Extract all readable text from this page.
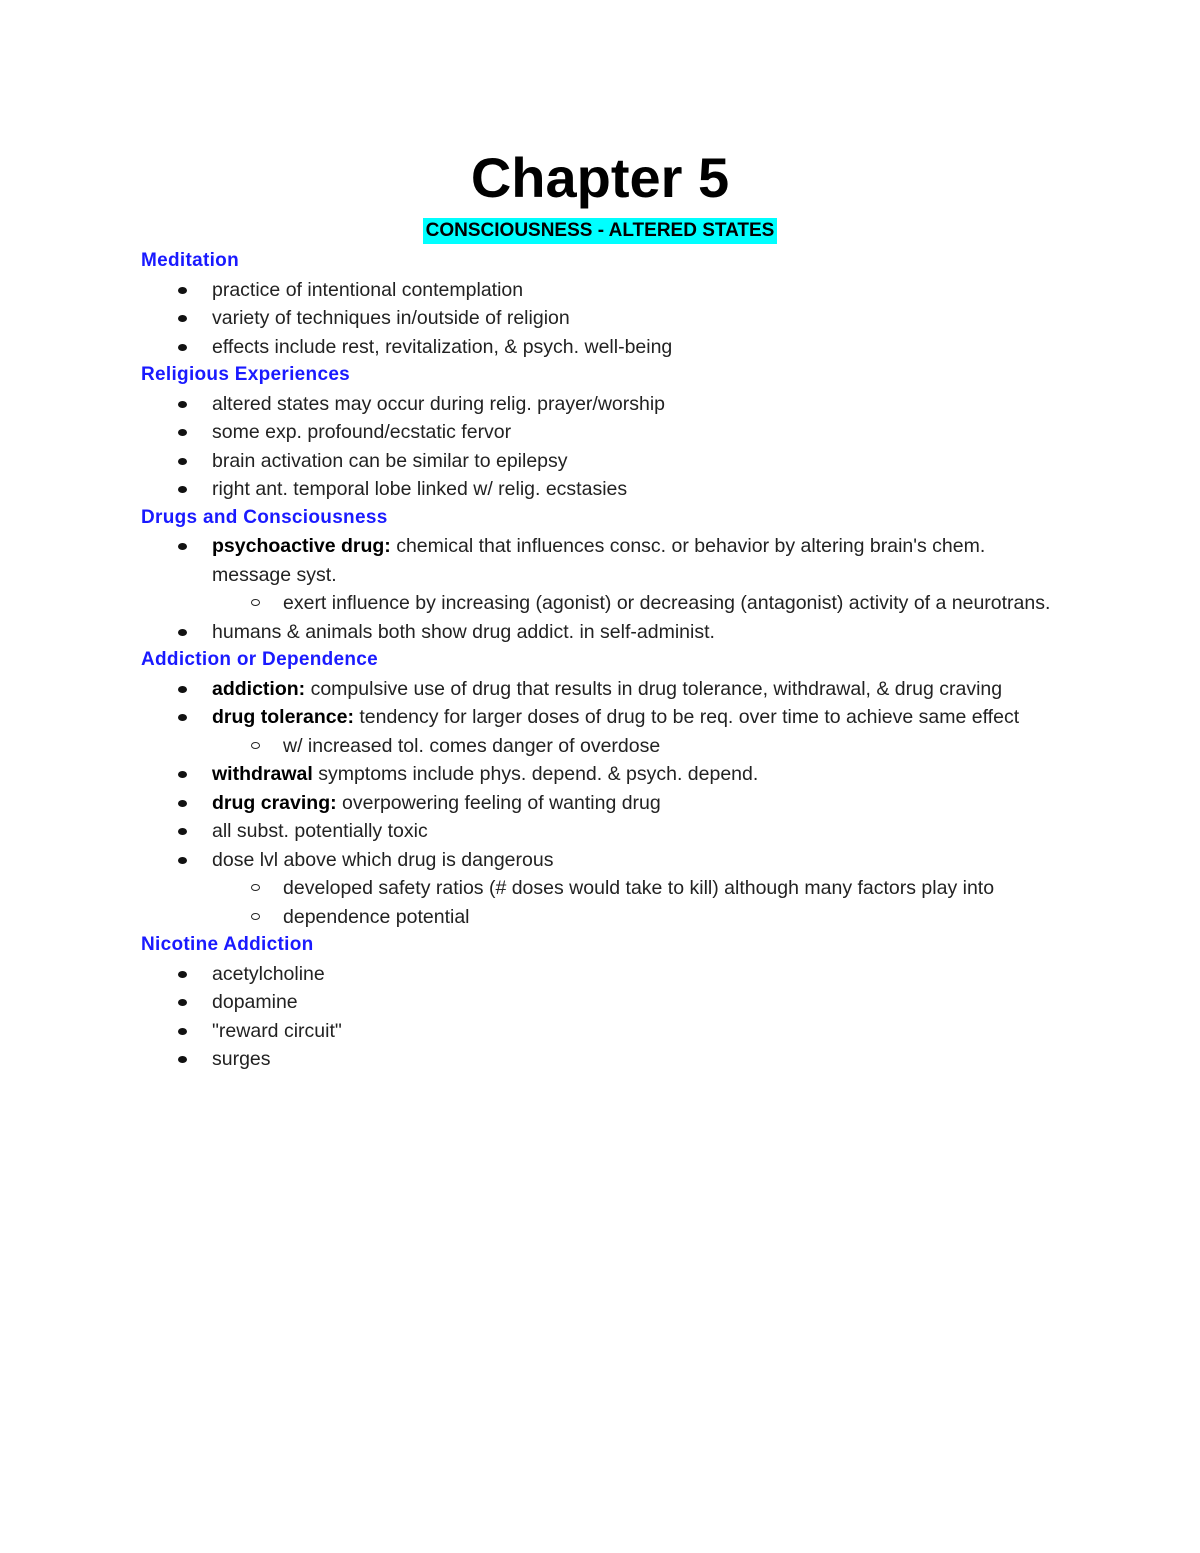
Chapter 5
CONSCIOUSNESS - ALTERED STATES
Meditation
practice of intentional contemplation
variety of techniques in/outside of religion
effects include rest, revitalization, & psych. well-being
Religious Experiences
altered states may occur during relig. prayer/worship
some exp. profound/ecstatic fervor
brain activation can be similar to epilepsy
right ant. temporal lobe linked w/ relig. ecstasies
Drugs and Consciousness
psychoactive drug: chemical that influences consc. or behavior by altering brain's chem. message syst.
exert influence by increasing (agonist) or decreasing (antagonist) activity of a neurotrans.
humans & animals both show drug addict. in self-administ.
Addiction or Dependence
addiction: compulsive use of drug that results in drug tolerance, withdrawal, & drug craving
drug tolerance: tendency for larger doses of drug to be req. over time to achieve same effect
w/ increased tol. comes danger of overdose
withdrawal symptoms include phys. depend. & psych. depend.
drug craving: overpowering feeling of wanting drug
all subst. potentially toxic
dose lvl above which drug is dangerous
developed safety ratios (# doses would take to kill) although many factors play into
dependence potential
Nicotine Addiction
acetylcholine
dopamine
"reward circuit"
surges
